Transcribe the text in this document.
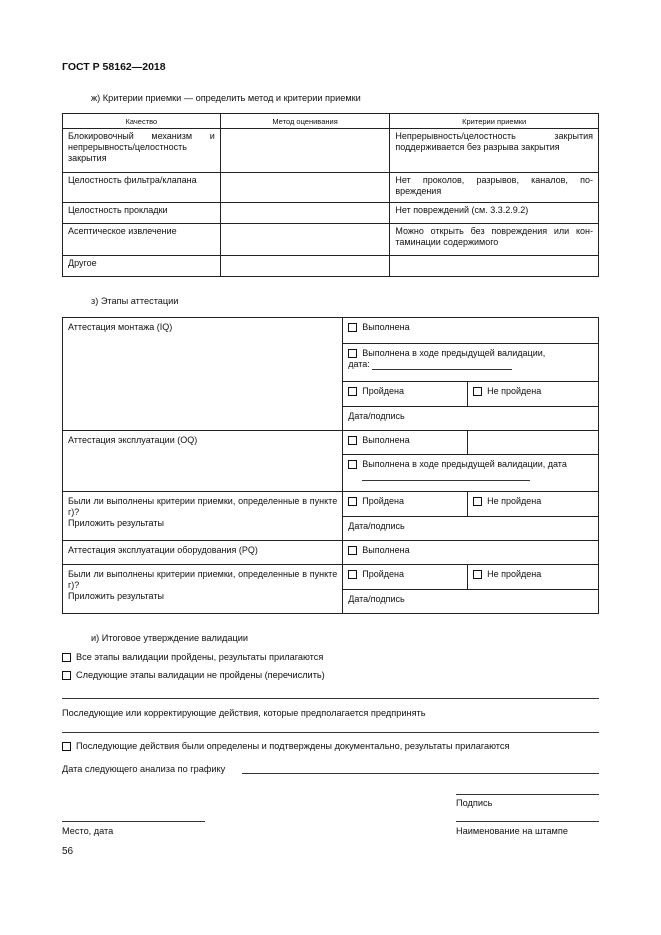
ГОСТ Р 58162—2018
ж) Критерии приемки — определить метод и критерии приемки
Качество	Метод оценивания	Критерии приемки
Блокировочный механизм и непрерывность/целостность закрытия		Непрерывность/целостность закрытия поддерживается без разрыва закрытия
Целостность фильтра/клапана		Нет проколов, разрывов, каналов, по-вреждения
Целостность прокладки		Нет повреждений (см. 3.3.2.9.2)
Асептическое извлечение		Можно открыть без повреждения или кон-таминации содержимого
Другое		
з) Этапы аттестации
Аттестация монтажа (IQ)	Выполнена	
	Выполнена в ходе предыдущей валидации,
дата:	
	Пройдена	Не пройдена
	Дата/подпись	
Аттестация эксплуатации (OQ)	Выполнена	
	Выполнена в ходе предыдущей валидации, дата	

Были ли выполнены критерии приемки, определенные в пункте г)?
Приложить результаты	Пройдена	Не пройдена
	Дата/подпись	
Аттестация эксплуатации оборудования (PQ)	Выполнена	

Были ли выполнены критерии приемки, определенные в пункте г)?
Приложить результаты	Пройдена	Не пройдена
	Дата/подпись	
и) Итоговое утверждение валидации
Все этапы валидации пройдены, результаты прилагаются
Следующие этапы валидации не пройдены (перечислить)
Последующие или корректирующие действия, которые предполагается предпринять
Последующие действия были определены и подтверждены документально, результаты прилагаются
Дата следующего анализа по графику
Подпись
Место, дата	Наименование на штампе
56
